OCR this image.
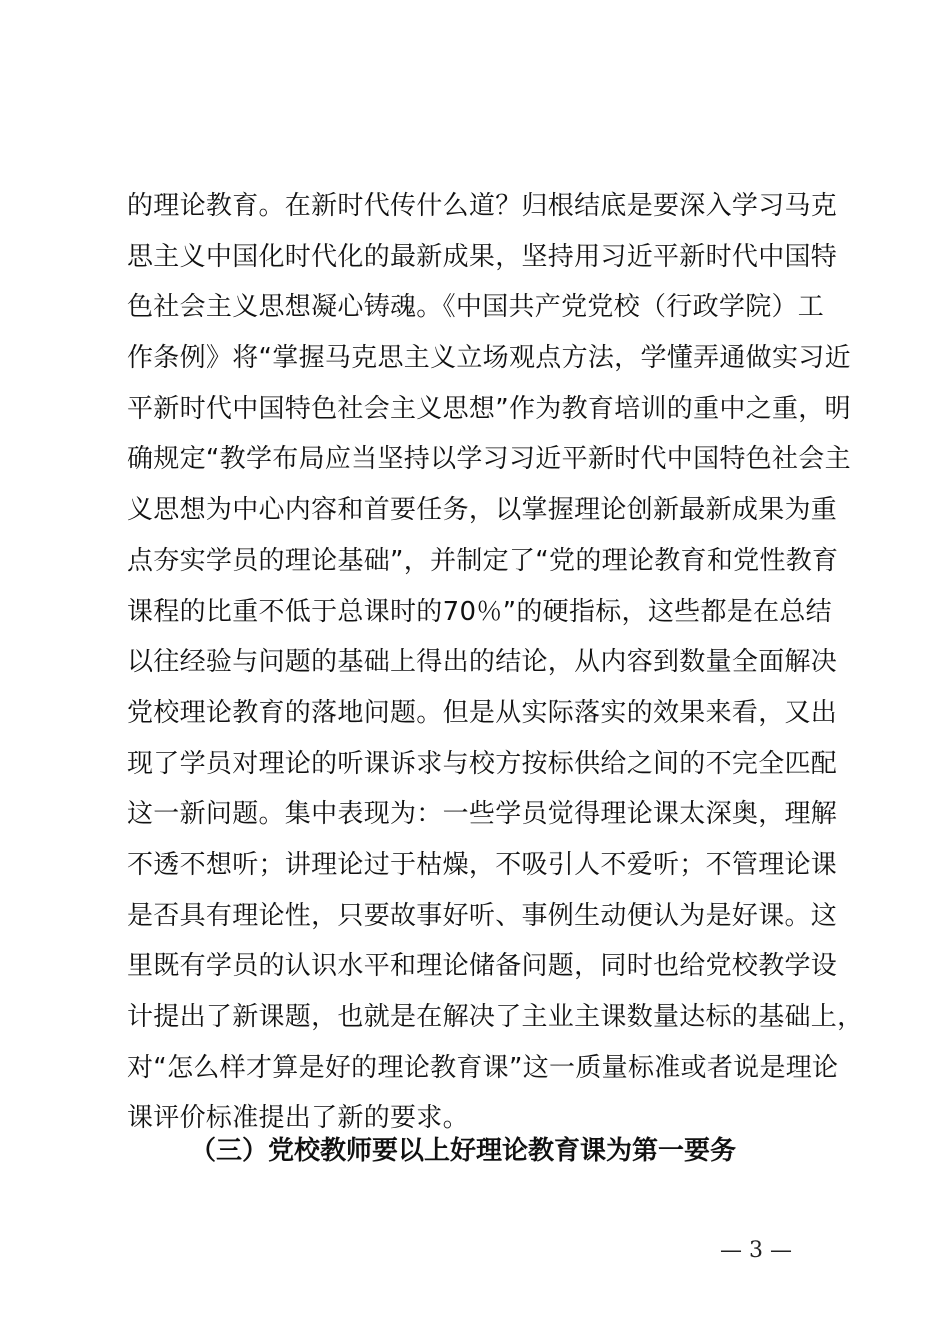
的理论教育。在新时代传什么道？归根结底是要深入学习马克
思主义中国化时代化的最新成果，坚持用习近平新时代中国特
色社会主义思想凝心铸魂。《中国共产党党校（行政学院）工
作条例》将“掌握马克思主义立场观点方法，学懂弄通做实习近
平新时代中国特色社会主义思想”作为教育培训的重中之重，明
确规定“教学布局应当坚持以学习习近平新时代中国特色社会主
义思想为中心内容和首要任务，以掌握理论创新最新成果为重
点夯实学员的理论基础”，并制定了“党的理论教育和党性教育
课程的比重不低于总课时的70％”的硬指标，这些都是在总结
以往经验与问题的基础上得出的结论，从内容到数量全面解决
党校理论教育的落地问题。但是从实际落实的效果来看，又出
现了学员对理论的听课诉求与校方按标供给之间的不完全匹配
这一新问题。集中表现为：一些学员觉得理论课太深奥，理解
不透不想听；讲理论过于枯燥，不吸引人不爱听；不管理论课
是否具有理论性，只要故事好听、事例生动便认为是好课。这
里既有学员的认识水平和理论储备问题，同时也给党校教学设
计提出了新课题，也就是在解决了主业主课数量达标的基础上，
对“怎么样才算是好的理论教育课”这一质量标准或者说是理论
课评价标准提出了新的要求。
（三）党校教师要以上好理论教育课为第一要务
— 3 —
